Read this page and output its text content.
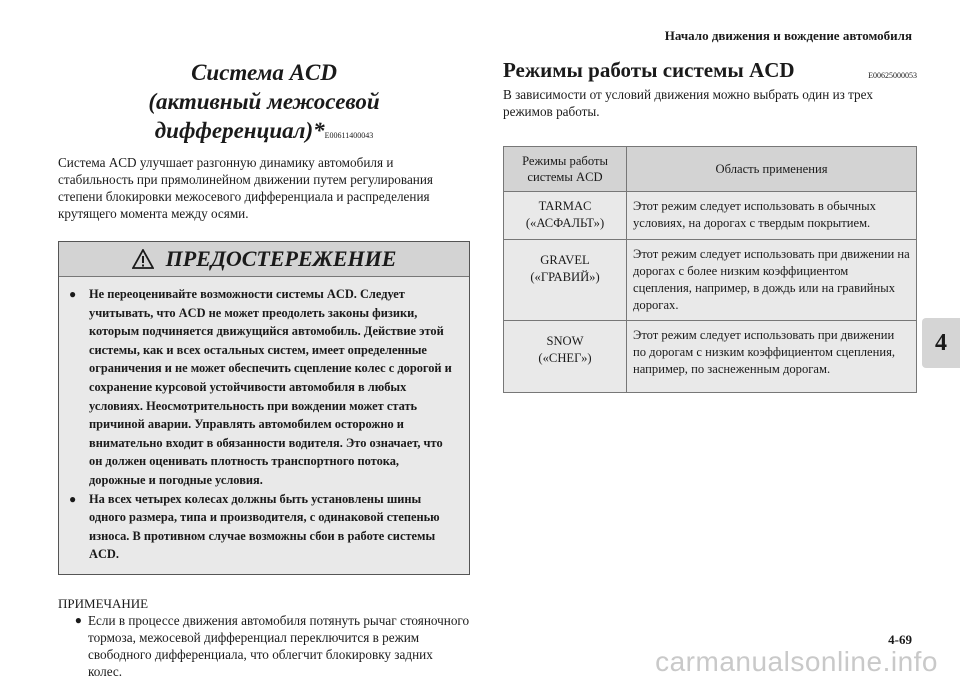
Начало движения и вождение автомобиля
Система ACD
(активный межосевой дифференциал)*E00611400043

Система ACD улучшает разгонную динамику автомобиля и стабильность при прямолинейном движении путем регулирования степени блокировки межосевого дифференциала и распределения крутящего момента между осями.

ПРЕДОСТЕРЕЖЕНИЕ
●	Не переоценивайте возможности системы ACD. Следует учитывать, что ACD не может преодолеть законы физики, которым подчиняется движущийся автомобиль. Действие этой системы, как и всех остальных систем, имеет определенные ограничения и не может обеспечить сцепление колес с дорогой и сохранение курсовой устойчивости автомобиля в любых условиях. Неосмотрительность при вождении может стать причиной аварии. Управлять автомобилем осторожно и внимательно входит в обязанности водителя. Это означает, что он должен оценивать плотность транспортного потока, дорожные и погодные условия.
●	На всех четырех колесах должны быть установлены шины одного размера, типа и производителя, с одинаковой степенью износа. В противном случае возможны сбои в работе системы ACD.
ПРИМЕЧАНИЕ
● Если в процессе движения автомобиля потянуть рычаг стояночного тормоза, межосевой дифференциал переключится в режим свободного дифференциала, что облегчит блокировку задних колес.
Режимы работы системы ACD	E00625000053

В зависимости от условий движения можно выбрать один из трех режимов работы.

Режимы работы системы ACD	Область применения
TARMAC
(«АСФАЛЬТ»)	Этот режим следует использовать в обычных условиях, на дорогах с твердым покрытием.
GRAVEL
(«ГРАВИЙ»)	Этот режим следует использовать при движении на дорогах с более низким коэффициентом сцепления, например, в дождь или на гравийных дорогах.
SNOW
(«СНЕГ»)	Этот режим следует использовать при движении по дорогам с низким коэффициентом сцепления, например, по заснеженным дорогам.
4
4-69
carmanualsonline.info
